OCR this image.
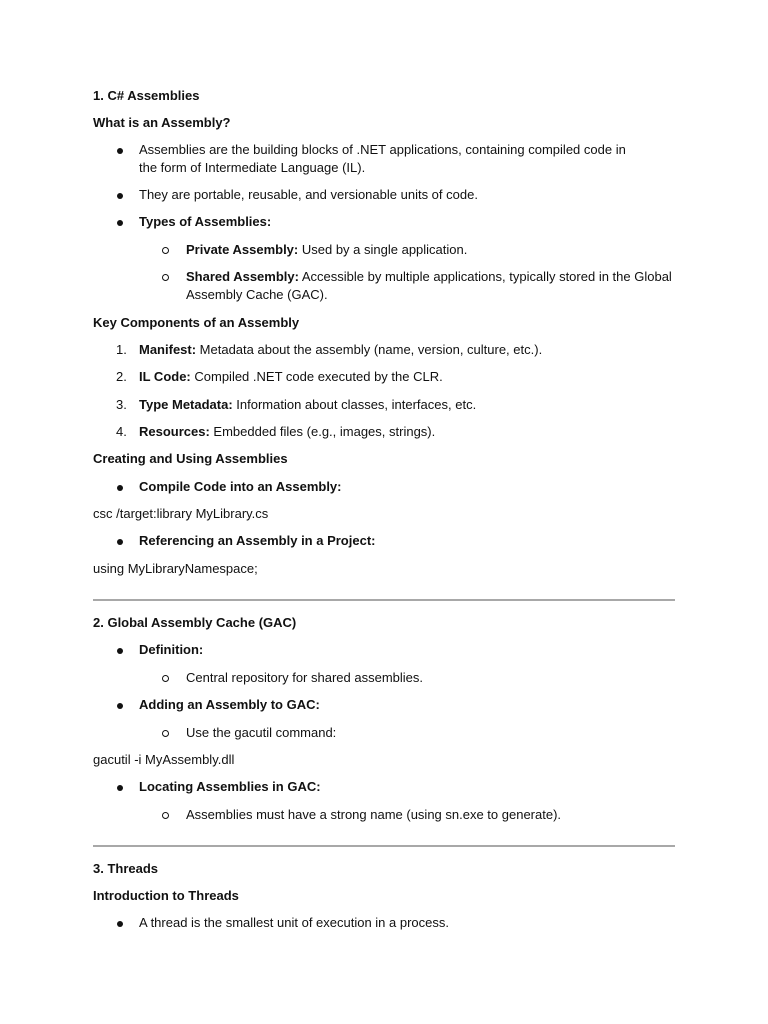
1. C# Assemblies
What is an Assembly?
Assemblies are the building blocks of .NET applications, containing compiled code in the form of Intermediate Language (IL).
They are portable, reusable, and versionable units of code.
Types of Assemblies:
Private Assembly: Used by a single application.
Shared Assembly: Accessible by multiple applications, typically stored in the Global Assembly Cache (GAC).
Key Components of an Assembly
1. Manifest: Metadata about the assembly (name, version, culture, etc.).
2. IL Code: Compiled .NET code executed by the CLR.
3. Type Metadata: Information about classes, interfaces, etc.
4. Resources: Embedded files (e.g., images, strings).
Creating and Using Assemblies
Compile Code into an Assembly:
csc /target:library MyLibrary.cs
Referencing an Assembly in a Project:
using MyLibraryNamespace;
2. Global Assembly Cache (GAC)
Definition:
Central repository for shared assemblies.
Adding an Assembly to GAC:
Use the gacutil command:
gacutil -i MyAssembly.dll
Locating Assemblies in GAC:
Assemblies must have a strong name (using sn.exe to generate).
3. Threads
Introduction to Threads
A thread is the smallest unit of execution in a process.
